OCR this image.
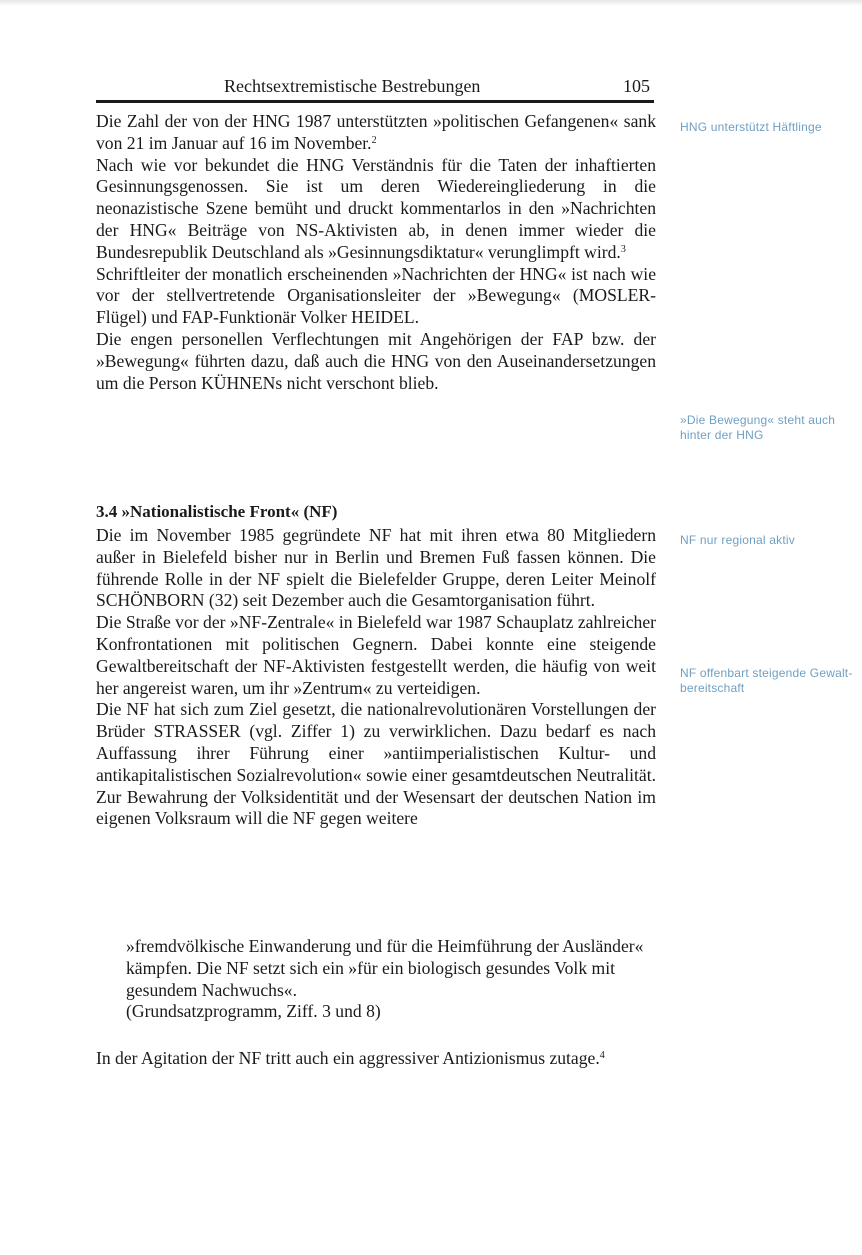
Rechtsextremistische Bestrebungen	105

Die Zahl der von der HNG 1987 unterstützten »politischen Gefangenen« sank von 21 im Januar auf 16 im November.$^2$

Nach wie vor bekundet die HNG Verständnis für die Taten der inhaftierten Gesinnungsgenossen. Sie ist um deren Wiedereingliederung in die neonazistische Szene bemüht und druckt kommentarlos in den »Nachrichten der HNG« Beiträge von NS-Aktivisten ab, in denen immer wieder die Bundesrepublik Deutschland als »Gesinnungsdiktatur« verunglimpft wird.$^3$

Schriftleiter der monatlich erscheinenden »Nachrichten der HNG« ist nach wie vor der stellvertretende Organisationsleiter der »Bewegung« (MOSLER-Flügel) und FAP-Funktionär Volker HEIDEL.

Die engen personellen Verflechtungen mit Angehörigen der FAP bzw. der »Bewegung« führten dazu, daß auch die HNG von den Auseinandersetzungen um die Person KÜHNENs nicht verschont blieb.

3.4 »Nationalistische Front« (NF)

Die im November 1985 gegründete NF hat mit ihren etwa 80 Mitgliedern außer in Bielefeld bisher nur in Berlin und Bremen Fuß fassen können. Die führende Rolle in der NF spielt die Bielefelder Gruppe, deren Leiter Meinolf SCHÖNBORN (32) seit Dezember auch die Gesamtorganisation führt.

Die Straße vor der »NF-Zentrale« in Bielefeld war 1987 Schauplatz zahlreicher Konfrontationen mit politischen Gegnern. Dabei konnte eine steigende Gewaltbereitschaft der NF-Aktivisten festgestellt werden, die häufig von weit her angereist waren, um ihr »Zentrum« zu verteidigen.

Die NF hat sich zum Ziel gesetzt, die nationalrevolutionären Vorstellungen der Brüder STRASSER (vgl. Ziffer 1) zu verwirklichen. Dazu bedarf es nach Auffassung ihrer Führung einer »antiimperialistischen Kultur- und antikapitalistischen Sozialrevolution« sowie einer gesamtdeutschen Neutralität. Zur Bewahrung der Volksidentität und der Wesensart der deutschen Nation im eigenen Volksraum will die NF gegen weitere

»fremdvölkische Einwanderung und für die Heimführung der Ausländer« kämpfen. Die NF setzt sich ein »für ein biologisch gesundes Volk mit gesundem Nachwuchs«.
(Grundsatzprogramm, Ziff. 3 und 8)

In der Agitation der NF tritt auch ein aggressiver Antizionismus zutage.$^4$

HNG unterstützt Häftlinge
»Die Bewegung« steht auch hinter der HNG
NF nur regional aktiv
NF offenbart steigende Gewalt-bereitschaft
